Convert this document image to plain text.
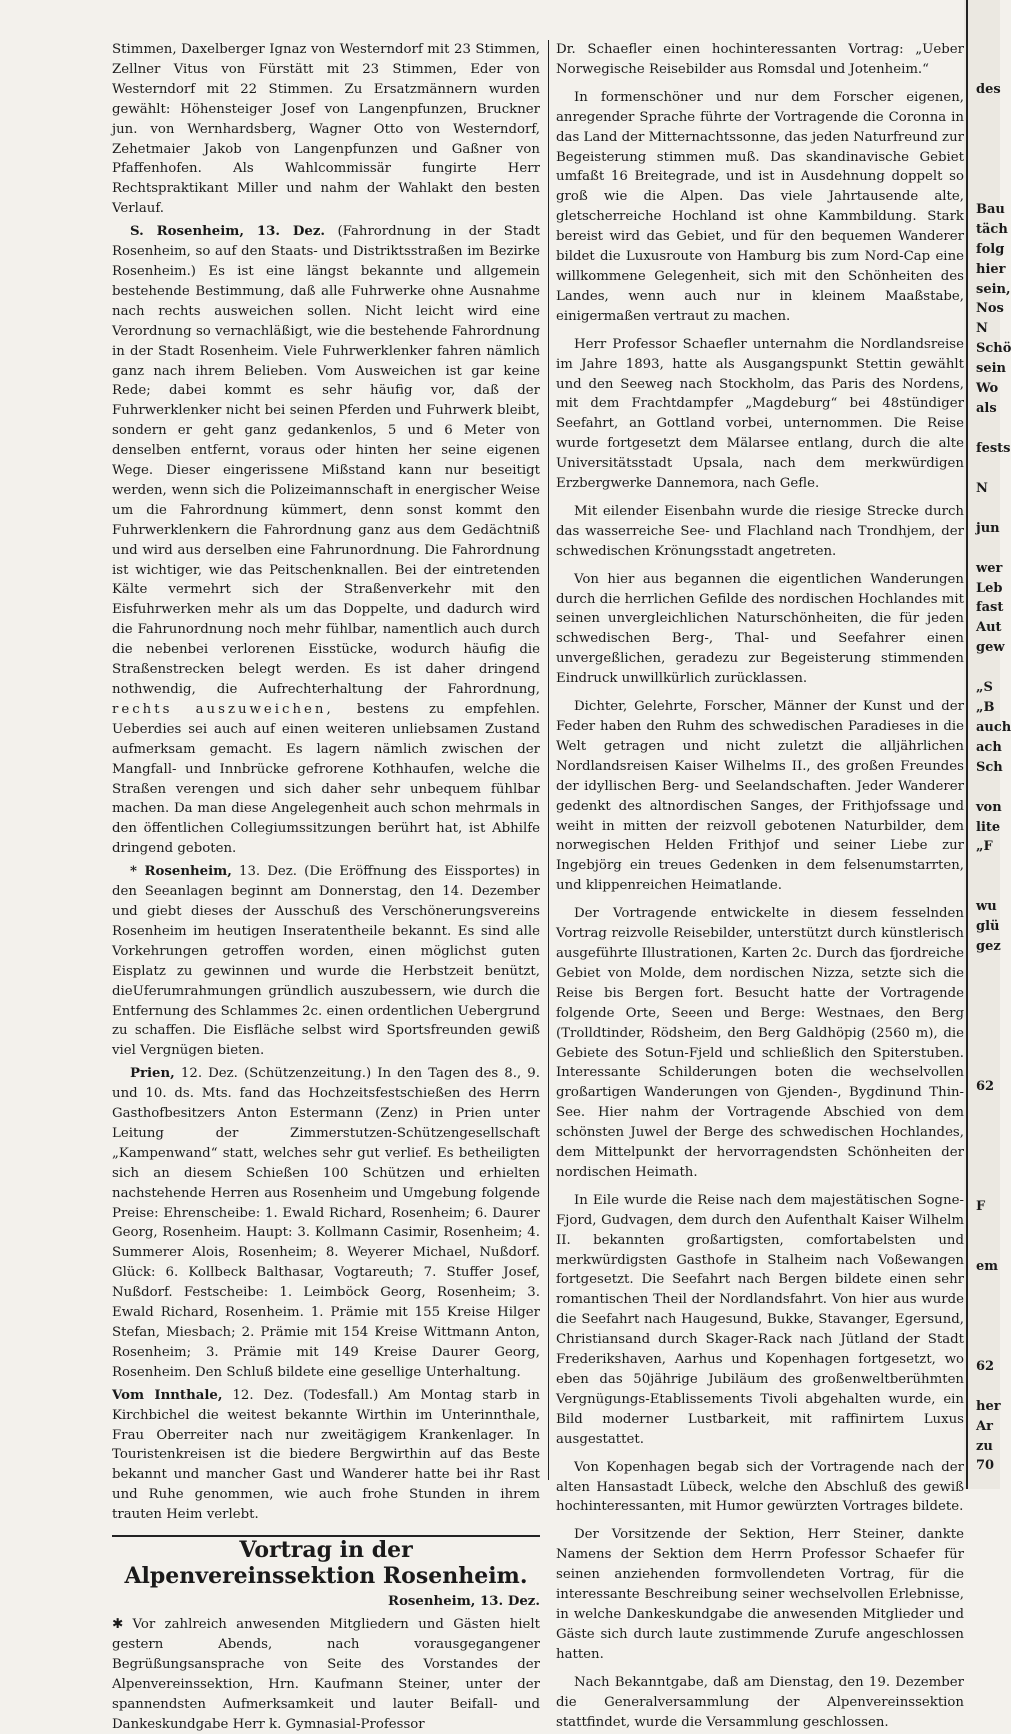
Stimmen, Daxelberger Ignaz von Westerndorf mit 23 Stimmen, Zellner Vitus von Fürstätt mit 23 Stimmen, Eder von Westerndorf mit 22 Stimmen. Zu Ersatzmännern wurden gewählt: Höhensteiger Josef von Langenpfunzen, Bruckner jun. von Wernhardsberg, Wagner Otto von Westerndorf, Zehetmaier Jakob von Langenpfunzen und Gaßner von Pfaffenhofen. Als Wahlcommissär fungirte Herr Rechtspraktikant Miller und nahm der Wahlakt den besten Verlauf.

S. Rosenheim, 13. Dez. (Fahrordnung in der Stadt Rosenheim, so auf den Staats- und Distriktsstraßen im Bezirke Rosenheim.) Es ist eine längst bekannte und allgemein bestehende Bestimmung, daß alle Fuhrwerke ohne Ausnahme nach rechts ausweichen sollen. Nicht leicht wird eine Verordnung so vernachläßigt, wie die bestehende Fahrordnung in der Stadt Rosenheim. Viele Fuhrwerklenker fahren nämlich ganz nach ihrem Belieben. Vom Ausweichen ist gar keine Rede; dabei kommt es sehr häufig vor, daß der Fuhrwerklenker nicht bei seinen Pferden und Fuhrwerk bleibt, sondern er geht ganz gedankenlos, 5 und 6 Meter von denselben entfernt, voraus oder hinten her seine eigenen Wege. Dieser eingerissene Mißstand kann nur beseitigt werden, wenn sich die Polizeimannschaft in energischer Weise um die Fahrordnung kümmert, denn sonst kommt den Fuhrwerklenkern die Fahrordnung ganz aus dem Gedächtniß und wird aus derselben eine Fahrunordnung. Die Fahrordnung ist wichtiger, wie das Peitschenknallen. Bei der eintretenden Kälte vermehrt sich der Straßenverkehr mit den Eisfuhrwerken mehr als um das Doppelte, und dadurch wird die Fahrunordnung noch mehr fühlbar, namentlich auch durch die nebenbei verlorenen Eisstücke, wodurch häufig die Straßenstrecken belegt werden. Es ist daher dringend nothwendig, die Aufrechterhaltung der Fahrordnung, rechts auszuweichen, bestens zu empfehlen. Ueberdies sei auch auf einen weiteren unliebsamen Zustand aufmerksam gemacht. Es lagern nämlich zwischen der Mangfall- und Innbrücke gefrorene Kothhaufen, welche die Straßen verengen und sich daher sehr unbequem fühlbar machen. Da man diese Angelegenheit auch schon mehrmals in den öffentlichen Collegiumssitzungen berührt hat, ist Abhilfe dringend geboten.

* Rosenheim, 13. Dez. (Die Eröffnung des Eissportes) in den Seeanlagen beginnt am Donnerstag, den 14. Dezember und giebt dieses der Ausschuß des Verschönerungsvereins Rosenheim im heutigen Inseratentheile bekannt. Es sind alle Vorkehrungen getroffen worden, einen möglichst guten Eisplatz zu gewinnen und wurde die Herbstzeit benützt, dieUferumrahmungen gründlich auszubessern, wie durch die Entfernung des Schlammes 2c. einen ordentlichen Uebergrund zu schaffen. Die Eisfläche selbst wird Sportsfreunden gewiß viel Vergnügen bieten.

Prien, 12. Dez. (Schützenzeitung.) In den Tagen des 8., 9. und 10. ds. Mts. fand das Hochzeitsfestschießen des Herrn Gasthofbesitzers Anton Estermann (Zenz) in Prien unter Leitung der Zimmerstutzen-Schützengesellschaft „Kampenwand“ statt, welches sehr gut verlief. Es betheiligten sich an diesem Schießen 100 Schützen und erhielten nachstehende Herren aus Rosenheim und Umgebung folgende Preise: Ehrenscheibe: 1. Ewald Richard, Rosenheim; 6. Daurer Georg, Rosenheim. Haupt: 3. Kollmann Casimir, Rosenheim; 4. Summerer Alois, Rosenheim; 8. Weyerer Michael, Nußdorf. Glück: 6. Kollbeck Balthasar, Vogtareuth; 7. Stuffer Josef, Nußdorf. Festscheibe: 1. Leimböck Georg, Rosenheim; 3. Ewald Richard, Rosenheim. 1. Prämie mit 155 Kreise Hilger Stefan, Miesbach; 2. Prämie mit 154 Kreise Wittmann Anton, Rosenheim; 3. Prämie mit 149 Kreise Daurer Georg, Rosenheim. Den Schluß bildete eine gesellige Unterhaltung.

Vom Innthale, 12. Dez. (Todesfall.) Am Montag starb in Kirchbichel die weitest bekannte Wirthin im Unterinnthale, Frau Oberreiter nach nur zweitägigem Krankenlager. In Touristenkreisen ist die biedere Bergwirthin auf das Beste bekannt und mancher Gast und Wanderer hatte bei ihr Rast und Ruhe genommen, wie auch frohe Stunden in ihrem trauten Heim verlebt.

Vortrag in der Alpenvereinssektion Rosenheim.

Rosenheim, 13. Dez.

✱ Vor zahlreich anwesenden Mitgliedern und Gästen hielt gestern Abends, nach vorausgegangener Begrüßungsansprache von Seite des Vorstandes der Alpenvereinssektion, Hrn. Kaufmann Steiner, unter der spannendsten Aufmerksamkeit und lauter Beifall- und Dankeskundgabe Herr k. Gymnasial-Professor

Dr. Schaefler einen hochinteressanten Vortrag: „Ueber Norwegische Reisebilder aus Romsdal und Jotenheim.“

In formenschöner und nur dem Forscher eigenen, anregender Sprache führte der Vortragende die Coronna in das Land der Mitternachtssonne, das jeden Naturfreund zur Begeisterung stimmen muß. Das skandinavische Gebiet umfaßt 16 Breitegrade, und ist in Ausdehnung doppelt so groß wie die Alpen. Das viele Jahrtausende alte, gletscherreiche Hochland ist ohne Kammbildung. Stark bereist wird das Gebiet, und für den bequemen Wanderer bildet die Luxusroute von Hamburg bis zum Nord-Cap eine willkommene Gelegenheit, sich mit den Schönheiten des Landes, wenn auch nur in kleinem Maaßstabe, einigermaßen vertraut zu machen.

Herr Professor Schaefler unternahm die Nordlandsreise im Jahre 1893, hatte als Ausgangspunkt Stettin gewählt und den Seeweg nach Stockholm, das Paris des Nordens, mit dem Frachtdampfer „Magdeburg“ bei 48stündiger Seefahrt, an Gottland vorbei, unternommen. Die Reise wurde fortgesetzt dem Mälarsee entlang, durch die alte Universitätsstadt Upsala, nach dem merkwürdigen Erzbergwerke Dannemora, nach Gefle.

Mit eilender Eisenbahn wurde die riesige Strecke durch das wasserreiche See- und Flachland nach Trondhjem, der schwedischen Krönungsstadt angetreten.

Von hier aus begannen die eigentlichen Wanderungen durch die herrlichen Gefilde des nordischen Hochlandes mit seinen unvergleichlichen Naturschönheiten, die für jeden schwedischen Berg-, Thal- und Seefahrer einen unvergeßlichen, geradezu zur Begeisterung stimmenden Eindruck unwillkürlich zurücklassen.

Dichter, Gelehrte, Forscher, Männer der Kunst und der Feder haben den Ruhm des schwedischen Paradieses in die Welt getragen und nicht zuletzt die alljährlichen Nordlandsreisen Kaiser Wilhelms II., des großen Freundes der idyllischen Berg- und Seelandschaften. Jeder Wanderer gedenkt des altnordischen Sanges, der Frithjofssage und weiht in mitten der reizvoll gebotenen Naturbilder, dem norwegischen Helden Frithjof und seiner Liebe zur Ingebjörg ein treues Gedenken in dem felsenumstarrten, und klippenreichen Heimatlande.

Der Vortragende entwickelte in diesem fesselnden Vortrag reizvolle Reisebilder, unterstützt durch künstlerisch ausgeführte Illustrationen, Karten 2c. Durch das fjordreiche Gebiet von Molde, dem nordischen Nizza, setzte sich die Reise bis Bergen fort. Besucht hatte der Vortragende folgende Orte, Seeen und Berge: Westnaes, den Berg (Trolldtinder, Rödsheim, den Berg Galdhöpig (2560 m), die Gebiete des Sotun-Fjeld und schließlich den Spiterstuben. Interessante Schilderungen boten die wechselvollen großartigen Wanderungen von Gjenden-, Bygdinund Thin-See. Hier nahm der Vortragende Abschied von dem schönsten Juwel der Berge des schwedischen Hochlandes, dem Mittelpunkt der hervorragendsten Schönheiten der nordischen Heimath.

In Eile wurde die Reise nach dem majestätischen Sogne-Fjord, Gudvagen, dem durch den Aufenthalt Kaiser Wilhelm II. bekannten großartigsten, comfortabelsten und merkwürdigsten Gasthofe in Stalheim nach Voßewangen fortgesetzt. Die Seefahrt nach Bergen bildete einen sehr romantischen Theil der Nordlandsfahrt. Von hier aus wurde die Seefahrt nach Haugesund, Bukke, Stavanger, Egersund, Christiansand durch Skager-Rack nach Jütland der Stadt Frederikshaven, Aarhus und Kopenhagen fortgesetzt, wo eben das 50jährige Jubiläum des großenweltberühmten Vergnügungs-Etablissements Tivoli abgehalten wurde, ein Bild moderner Lustbarkeit, mit raffinirtem Luxus ausgestattet.

Von Kopenhagen begab sich der Vortragende nach der alten Hansastadt Lübeck, welche den Abschluß des gewiß hochinteressanten, mit Humor gewürzten Vortrages bildete.

Der Vorsitzende der Sektion, Herr Steiner, dankte Namens der Sektion dem Herrn Professor Schaefer für seinen anziehenden formvollendeten Vortrag, für die interessante Beschreibung seiner wechselvollen Erlebnisse, in welche Dankeskundgabe die anwesenden Mitglieder und Gäste sich durch laute zustimmende Zurufe angeschlossen hatten.

Nach Bekanntgabe, daß am Dienstag, den 19. Dezember die Generalversammlung der Alpenvereinssektion stattfindet, wurde die Versammlung geschlossen.

des
Bau
täch
folg
hier
sein,
Nos
N
Schö
sein
Wo
als
fests
N
jun
wer
Leb
fast
Aut
gew
„S
„B
auch
ach
Sch
von
lite
„F
wu
glü
gez
62
F
em
62
her
Ar
zu
70
